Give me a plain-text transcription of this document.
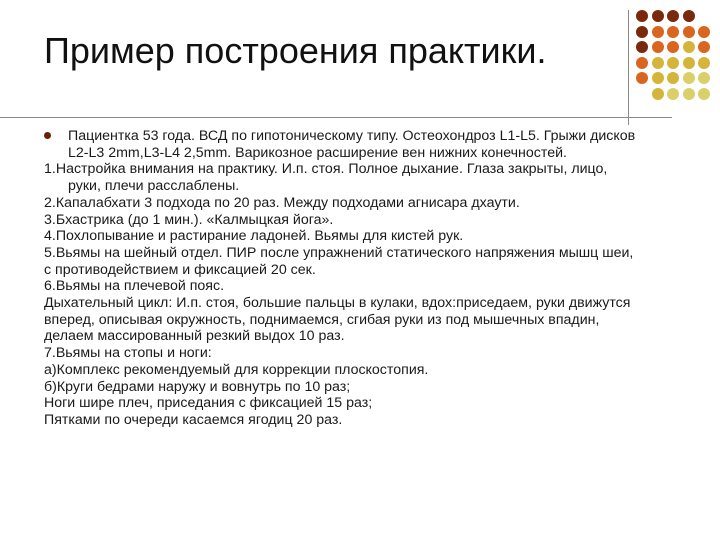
Пример построения практики.
Пациентка 53 года. ВСД по гипотоническому типу. Остеохондроз L1-L5. Грыжи дисков
L2-L3 2mm,L3-L4 2,5mm. Варикозное расширение вен нижних конечностей.
1.Настройка внимания на практику. И.п. стоя. Полное дыхание. Глаза закрыты, лицо,
руки, плечи расслаблены.
2.Капалабхати 3 подхода по 20 раз. Между подходами агнисара дхаути.
3.Бхастрика (до 1 мин.). «Калмыцкая йога».
4.Похлопывание и растирание ладоней. Вьямы для кистей рук.
5.Вьямы на шейный отдел. ПИР после упражнений статического напряжения мышц шеи,
с противодействием и фиксацией 20 сек.
6.Вьямы на плечевой пояс.
Дыхательный цикл: И.п. стоя, большие пальцы в кулаки, вдох:приседаем, руки движутся
вперед, описывая окружность, поднимаемся, сгибая руки из под мышечных впадин,
делаем массированный резкий выдох 10 раз.
7.Вьямы на стопы и ноги:
а)Комплекс рекомендуемый для коррекции плоскостопия.
б)Круги бедрами наружу и вовнутрь по 10 раз;
Ноги шире плеч, приседания с фиксацией 15 раз;
Пятками по очереди касаемся ягодиц 20 раз.
